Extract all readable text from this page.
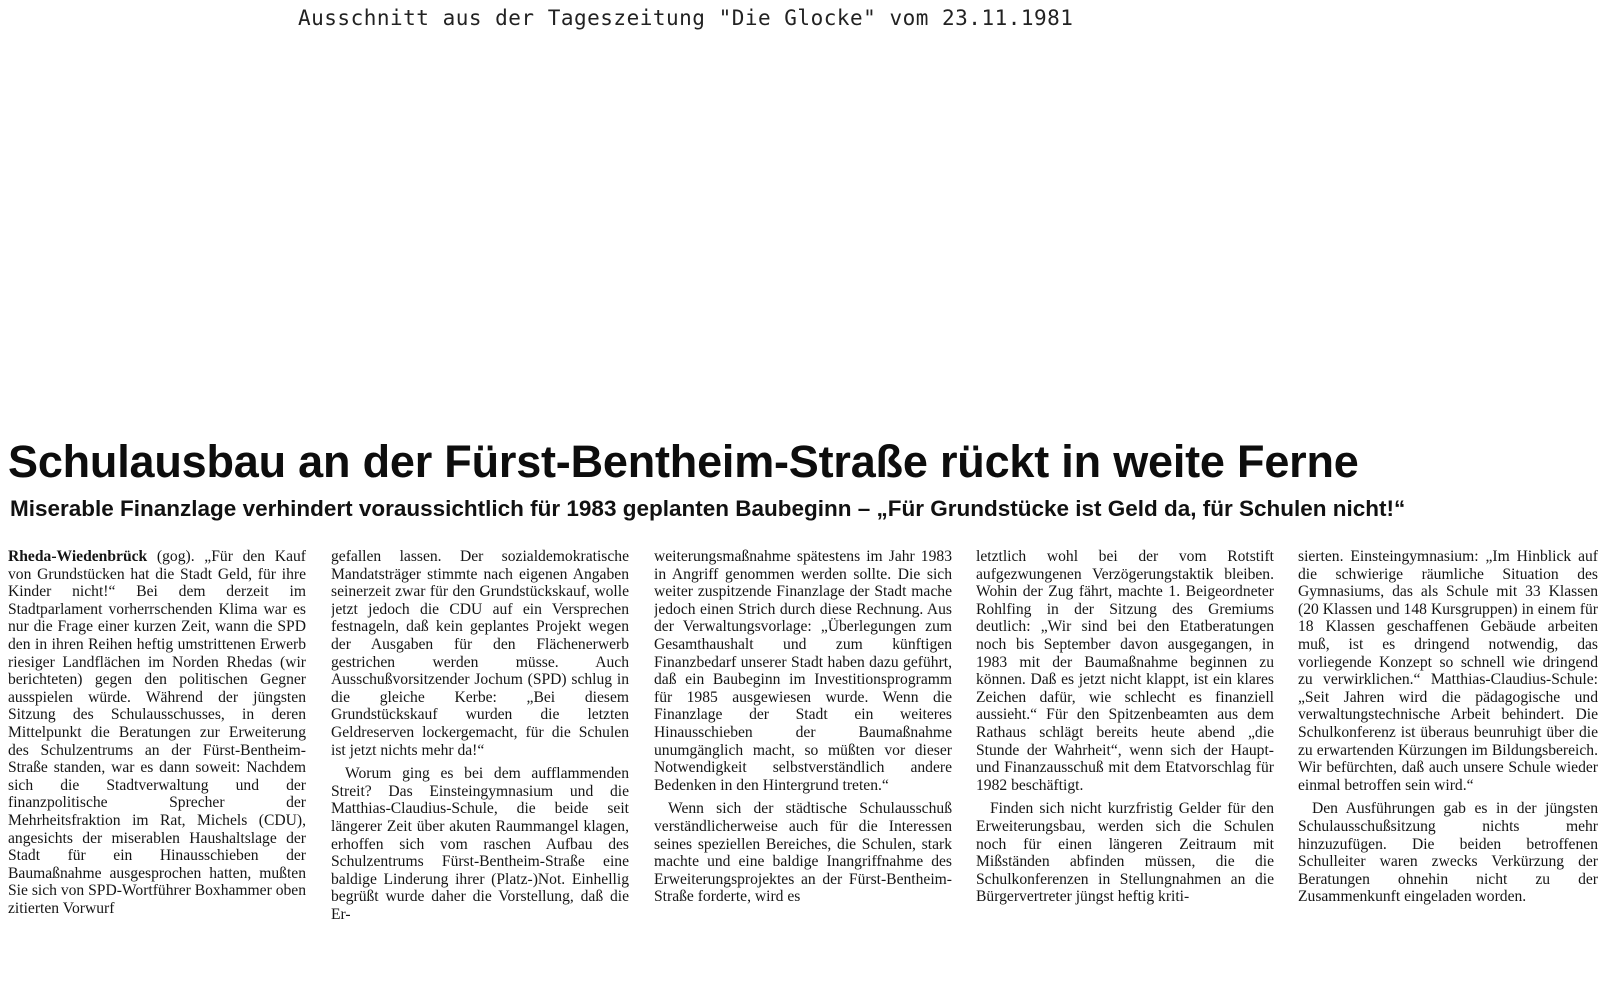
Ausschnitt aus der Tageszeitung "Die Glocke" vom 23.11.1981
Schulausbau an der Fürst-Bentheim-Straße rückt in weite Ferne
Miserable Finanzlage verhindert voraussichtlich für 1983 geplanten Baubeginn – „Für Grundstücke ist Geld da, für Schulen nicht!“

Rheda-Wiedenbrück (gog). „Für den Kauf von Grundstücken hat die Stadt Geld, für ihre Kinder nicht!“ Bei dem derzeit im Stadtparlament vorherrschenden Klima war es nur die Frage einer kurzen Zeit, wann die SPD den in ihren Reihen heftig umstrittenen Erwerb riesiger Landflächen im Norden Rhedas (wir berichteten) gegen den politischen Gegner ausspielen würde. Während der jüngsten Sitzung des Schulausschusses, in deren Mittelpunkt die Beratungen zur Erweiterung des Schulzentrums an der Fürst-Bentheim-Straße standen, war es dann soweit: Nachdem sich die Stadtverwaltung und der finanzpolitische Sprecher der Mehrheitsfraktion im Rat, Michels (CDU), angesichts der miserablen Haushaltslage der Stadt für ein Hinausschieben der Baumaßnahme ausgesprochen hatten, mußten Sie sich von SPD-Wortführer Boxhammer oben zitierten Vorwurf

gefallen lassen. Der sozialdemokratische Mandatsträger stimmte nach eigenen Angaben seinerzeit zwar für den Grundstückskauf, wolle jetzt jedoch die CDU auf ein Versprechen festnageln, daß kein geplantes Projekt wegen der Ausgaben für den Flächenerwerb gestrichen werden müsse. Auch Ausschußvorsitzender Jochum (SPD) schlug in die gleiche Kerbe: „Bei diesem Grundstückskauf wurden die letzten Geldreserven lockergemacht, für die Schulen ist jetzt nichts mehr da!“

Worum ging es bei dem aufflammenden Streit? Das Einsteingymnasium und die Matthias-Claudius-Schule, die beide seit längerer Zeit über akuten Raummangel klagen, erhoffen sich vom raschen Aufbau des Schulzentrums Fürst-Bentheim-Straße eine baldige Linderung ihrer (Platz-)Not. Einhellig begrüßt wurde daher die Vorstellung, daß die Er-

weiterungsmaßnahme spätestens im Jahr 1983 in Angriff genommen werden sollte. Die sich weiter zuspitzende Finanzlage der Stadt mache jedoch einen Strich durch diese Rechnung. Aus der Verwaltungsvorlage: „Überlegungen zum Gesamthaushalt und zum künftigen Finanzbedarf unserer Stadt haben dazu geführt, daß ein Baubeginn im Investitionsprogramm für 1985 ausgewiesen wurde. Wenn die Finanzlage der Stadt ein weiteres Hinausschieben der Baumaßnahme unumgänglich macht, so müßten vor dieser Notwendigkeit selbstverständlich andere Bedenken in den Hintergrund treten.“

Wenn sich der städtische Schulausschuß verständlicherweise auch für die Interessen seines speziellen Bereiches, die Schulen, stark machte und eine baldige Inangriffnahme des Erweiterungsprojektes an der Fürst-Bentheim-Straße forderte, wird es

letztlich wohl bei der vom Rotstift aufgezwungenen Verzögerungstaktik bleiben. Wohin der Zug fährt, machte 1. Beigeordneter Rohlfing in der Sitzung des Gremiums deutlich: „Wir sind bei den Etatberatungen noch bis September davon ausgegangen, in 1983 mit der Baumaßnahme beginnen zu können. Daß es jetzt nicht klappt, ist ein klares Zeichen dafür, wie schlecht es finanziell aussieht.“ Für den Spitzenbeamten aus dem Rathaus schlägt bereits heute abend „die Stunde der Wahrheit“, wenn sich der Haupt- und Finanzausschuß mit dem Etatvorschlag für 1982 beschäftigt.

Finden sich nicht kurzfristig Gelder für den Erweiterungsbau, werden sich die Schulen noch für einen längeren Zeitraum mit Mißständen abfinden müssen, die die Schulkonferenzen in Stellungnahmen an die Bürgervertreter jüngst heftig kriti-

sierten. Einsteingymnasium: „Im Hinblick auf die schwierige räumliche Situation des Gymnasiums, das als Schule mit 33 Klassen (20 Klassen und 148 Kursgruppen) in einem für 18 Klassen geschaffenen Gebäude arbeiten muß, ist es dringend notwendig, das vorliegende Konzept so schnell wie dringend zu verwirklichen.“ Matthias-Claudius-Schule: „Seit Jahren wird die pädagogische und verwaltungstechnische Arbeit behindert. Die Schulkonferenz ist überaus beunruhigt über die zu erwartenden Kürzungen im Bildungsbereich. Wir befürchten, daß auch unsere Schule wieder einmal betroffen sein wird.“

Den Ausführungen gab es in der jüngsten Schulausschußsitzung nichts mehr hinzuzufügen. Die beiden betroffenen Schulleiter waren zwecks Verkürzung der Beratungen ohnehin nicht zu der Zusammenkunft eingeladen worden.
